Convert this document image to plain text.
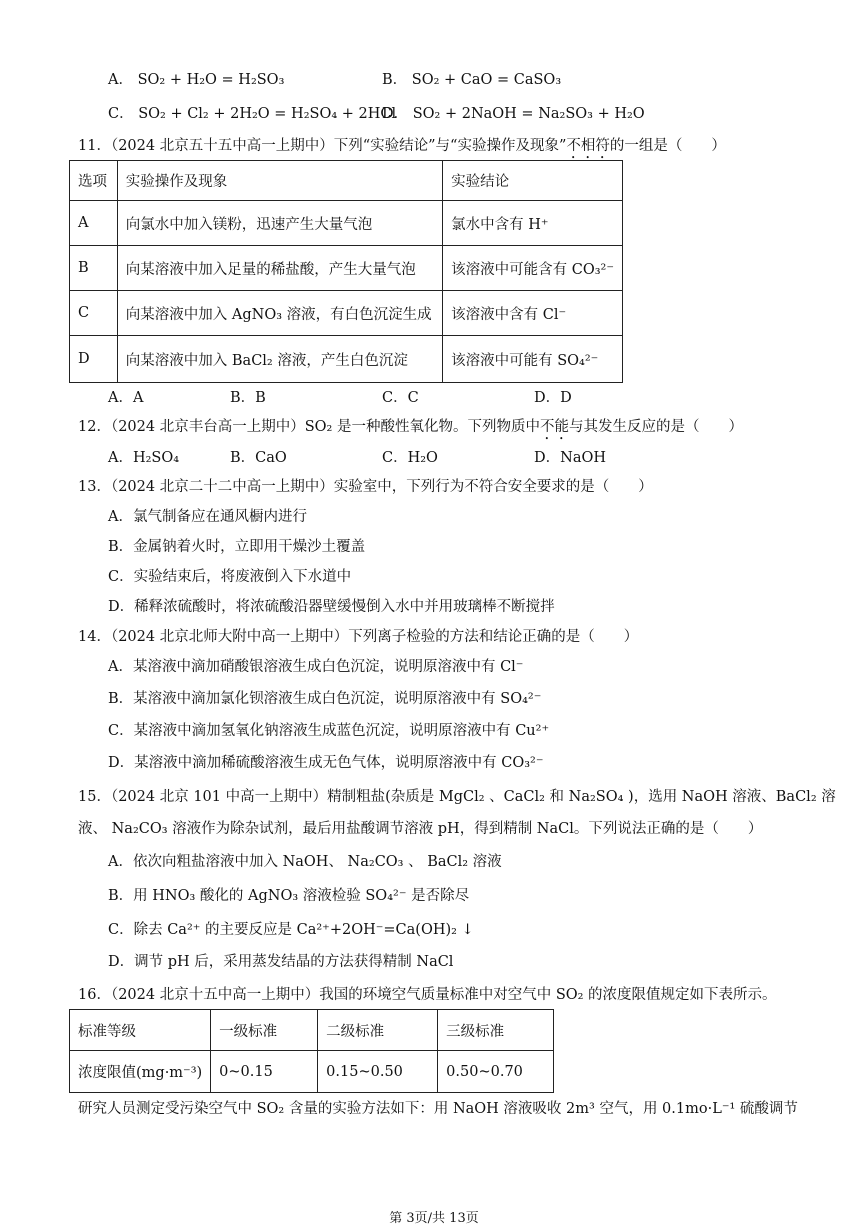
A． SO₂ + H₂O = H₂SO₃	B． SO₂ + CaO = CaSO₃
C． SO₂ + Cl₂ + 2H₂O = H₂SO₄ + 2HCl
D． SO₂ + 2NaOH = Na₂SO₃ + H₂O
11．（2024 北京五十五中高一上期中）下列“实验结论”与“实验操作及现象”不相符的一组是（　　）
选项	实验操作及现象	实验结论
A	向氯水中加入镁粉，迅速产生大量气泡	氯水中含有 H⁺
B	向某溶液中加入足量的稀盐酸，产生大量气泡	该溶液中可能含有 CO₃²⁻
C	向某溶液中加入 AgNO₃ 溶液，有白色沉淀生成	该溶液中含有 Cl⁻
D	向某溶液中加入 BaCl₂ 溶液，产生白色沉淀	该溶液中可能有 SO₄²⁻
A．A	B．B	C．C	D．D
12．（2024 北京丰台高一上期中）SO₂ 是一种酸性氧化物。下列物质中不能与其发生反应的是（　　）
A．H₂SO₄	B．CaO	C．H₂O	D．NaOH
13．（2024 北京二十二中高一上期中）实验室中，下列行为不符合安全要求的是（　　）
A．氯气制备应在通风橱内进行
B．金属钠着火时，立即用干燥沙土覆盖
C．实验结束后，将废液倒入下水道中
D．稀释浓硫酸时，将浓硫酸沿器壁缓慢倒入水中并用玻璃棒不断搅拌
14．（2024 北京北师大附中高一上期中）下列离子检验的方法和结论正确的是（　　）
A．某溶液中滴加硝酸银溶液生成白色沉淀，说明原溶液中有 Cl⁻
B．某溶液中滴加氯化钡溶液生成白色沉淀，说明原溶液中有 SO₄²⁻
C．某溶液中滴加氢氧化钠溶液生成蓝色沉淀，说明原溶液中有 Cu²⁺
D．某溶液中滴加稀硫酸溶液生成无色气体，说明原溶液中有 CO₃²⁻
15．（2024 北京 101 中高一上期中）精制粗盐(杂质是 MgCl₂ 、CaCl₂ 和 Na₂SO₄ )，选用 NaOH 溶液、BaCl₂ 溶
液、 Na₂CO₃ 溶液作为除杂试剂，最后用盐酸调节溶液 pH，得到精制 NaCl。下列说法正确的是（　　）
A．依次向粗盐溶液中加入 NaOH、 Na₂CO₃ 、 BaCl₂ 溶液
B．用 HNO₃ 酸化的 AgNO₃ 溶液检验 SO₄²⁻ 是否除尽
C．除去 Ca²⁺ 的主要反应是 Ca²⁺+2OH⁻=Ca(OH)₂ ↓
D．调节 pH 后，采用蒸发结晶的方法获得精制 NaCl
16．（2024 北京十五中高一上期中）我国的环境空气质量标准中对空气中 SO₂ 的浓度限值规定如下表所示。
标准等级	一级标准	二级标准	三级标准
浓度限值(mg·m⁻³)	0~0.15	0.15~0.50	0.50~0.70
研究人员测定受污染空气中 SO₂ 含量的实验方法如下：用 NaOH 溶液吸收 2m³ 空气，用 0.1mo·L⁻¹ 硫酸调节
第 3页/共 13页
